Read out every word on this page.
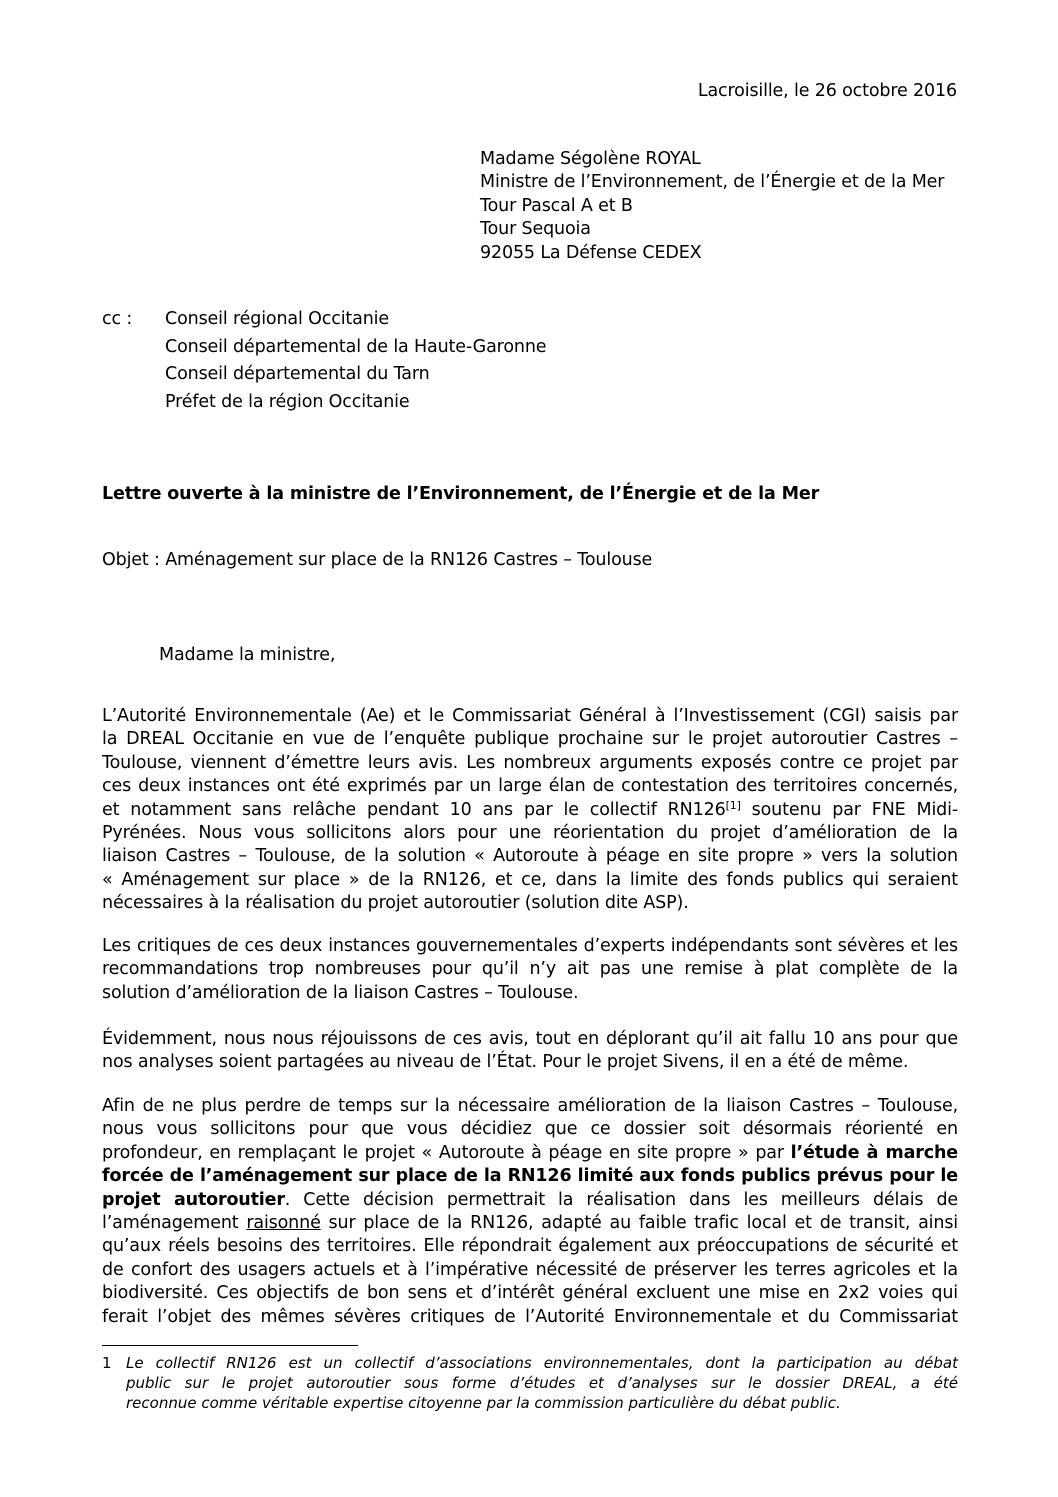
Lacroisille, le 26 octobre 2016
Madame Ségolène ROYAL
Ministre de l’Environnement, de l’Énergie et de la Mer
Tour Pascal A et B
Tour Sequoia
92055 La Défense CEDEX
cc : Conseil régional Occitanie
Conseil départemental de la Haute-Garonne
Conseil départemental du Tarn
Préfet de la région Occitanie
Lettre ouverte à la ministre de l’Environnement, de l’Énergie et de la Mer
Objet : Aménagement sur place de la RN126 Castres – Toulouse
Madame la ministre,
L’Autorité Environnementale (Ae) et le Commissariat Général à l’Investissement (CGI) saisis par
la DREAL Occitanie en vue de l’enquête publique prochaine sur le projet autoroutier Castres –
Toulouse, viennent d’émettre leurs avis. Les nombreux arguments exposés contre ce projet par
ces deux instances ont été exprimés par un large élan de contestation des territoires concernés,
et notamment sans relâche pendant 10 ans par le collectif RN126[1] soutenu par FNE Midi-
Pyrénées. Nous vous sollicitons alors pour une réorientation du projet d’amélioration de la
liaison Castres – Toulouse, de la solution « Autoroute à péage en site propre » vers la solution
« Aménagement sur place » de la RN126, et ce, dans la limite des fonds publics qui seraient
nécessaires à la réalisation du projet autoroutier (solution dite ASP).
Les critiques de ces deux instances gouvernementales d’experts indépendants sont sévères et les
recommandations trop nombreuses pour qu’il n’y ait pas une remise à plat complète de la
solution d’amélioration de la liaison Castres – Toulouse.
Évidemment, nous nous réjouissons de ces avis, tout en déplorant qu’il ait fallu 10 ans pour que
nos analyses soient partagées au niveau de l’État. Pour le projet Sivens, il en a été de même.
Afin de ne plus perdre de temps sur la nécessaire amélioration de la liaison Castres – Toulouse,
nous vous sollicitons pour que vous décidiez que ce dossier soit désormais réorienté en
profondeur, en remplaçant le projet « Autoroute à péage en site propre » par l’étude à marche
forcée de l’aménagement sur place de la RN126 limité aux fonds publics prévus pour le
projet autoroutier. Cette décision permettrait la réalisation dans les meilleurs délais de
l’aménagement raisonné sur place de la RN126, adapté au faible trafic local et de transit, ainsi
qu’aux réels besoins des territoires. Elle répondrait également aux préoccupations de sécurité et
de confort des usagers actuels et à l’impérative nécessité de préserver les terres agricoles et la
biodiversité. Ces objectifs de bon sens et d’intérêt général excluent une mise en 2x2 voies qui
ferait l’objet des mêmes sévères critiques de l’Autorité Environnementale et du Commissariat
1 Le collectif RN126 est un collectif d’associations environnementales, dont la participation au débat
public sur le projet autoroutier sous forme d’études et d’analyses sur le dossier DREAL, a été
reconnue comme véritable expertise citoyenne par la commission particulière du débat public.
